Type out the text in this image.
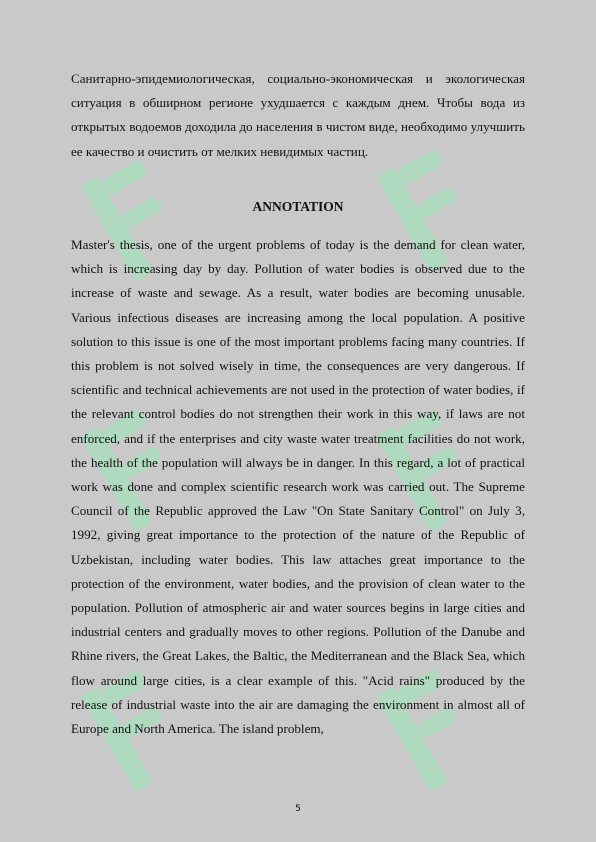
Санитарно-эпидемиологическая, социально-экономическая и экологическая ситуация в обширном регионе ухудшается с каждым днем. Чтобы вода из открытых водоемов доходила до населения в чистом виде, необходимо улучшить ее качество и очистить от мелких невидимых частиц.

ANNOTATION

Master's thesis, one of the urgent problems of today is the demand for clean water, which is increasing day by day. Pollution of water bodies is observed due to the increase of waste and sewage. As a result, water bodies are becoming unusable. Various infectious diseases are increasing among the local population. A positive solution to this issue is one of the most important problems facing many countries. If this problem is not solved wisely in time, the consequences are very dangerous. If scientific and technical achievements are not used in the protection of water bodies, if the relevant control bodies do not strengthen their work in this way, if laws are not enforced, and if the enterprises and city waste water treatment facilities do not work, the health of the population will always be in danger. In this regard, a lot of practical work was done and complex scientific research work was carried out. The Supreme Council of the Republic approved the Law "On State Sanitary Control" on July 3, 1992, giving great importance to the protection of the nature of the Republic of Uzbekistan, including water bodies. This law attaches great importance to the protection of the environment, water bodies, and the provision of clean water to the population. Pollution of atmospheric air and water sources begins in large cities and industrial centers and gradually moves to other regions. Pollution of the Danube and Rhine rivers, the Great Lakes, the Baltic, the Mediterranean and the Black Sea, which flow around large cities, is a clear example of this. "Acid rains" produced by the release of industrial waste into the air are damaging the environment in almost all of Europe and North America. The island problem,

5
